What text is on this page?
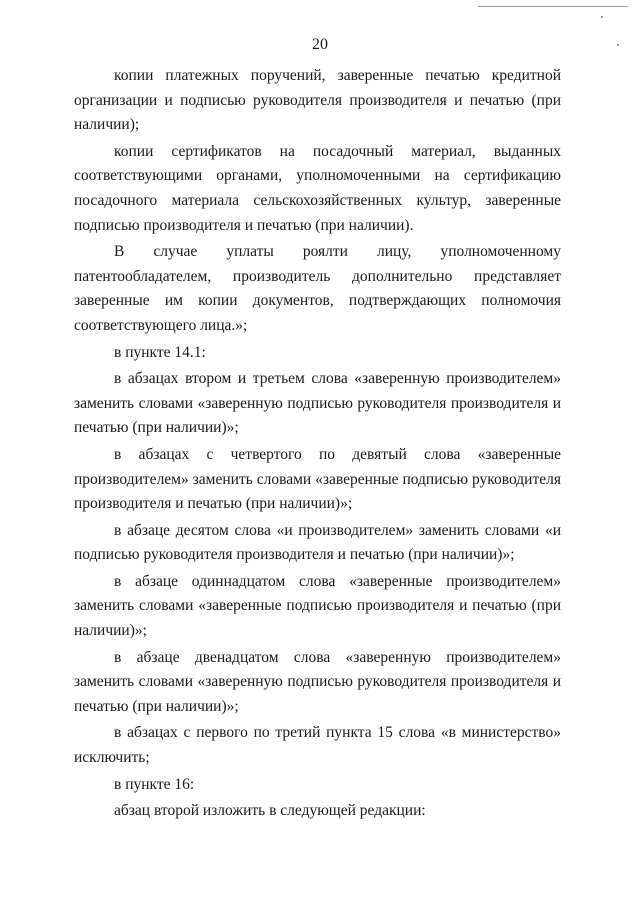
20

копии платежных поручений, заверенные печатью кредитной организации и подписью руководителя производителя и печатью (при наличии);

копии сертификатов на посадочный материал, выданных соответствующими органами, уполномоченными на сертификацию посадочного материала сельскохозяйственных культур, заверенные подписью производителя и печатью (при наличии).

В случае уплаты роялти лицу, уполномоченному патентообладателем, производитель дополнительно представляет заверенные им копии документов, подтверждающих полномочия соответствующего лица.»;

в пункте 14.1:

в абзацах втором и третьем слова «заверенную производителем» заменить словами «заверенную подписью руководителя производителя и печатью (при наличии)»;

в абзацах с четвертого по девятый слова «заверенные производителем» заменить словами «заверенные подписью руководителя производителя и печатью (при наличии)»;

в абзаце десятом слова «и производителем» заменить словами «и подписью руководителя производителя и печатью (при наличии)»;

в абзаце одиннадцатом слова «заверенные производителем» заменить словами «заверенные подписью производителя и печатью (при наличии)»;

в абзаце двенадцатом слова «заверенную производителем» заменить словами «заверенную подписью руководителя производителя и печатью (при наличии)»;

в абзацах с первого по третий пункта 15 слова «в министерство» исключить;

в пункте 16:

абзац второй изложить в следующей редакции:
